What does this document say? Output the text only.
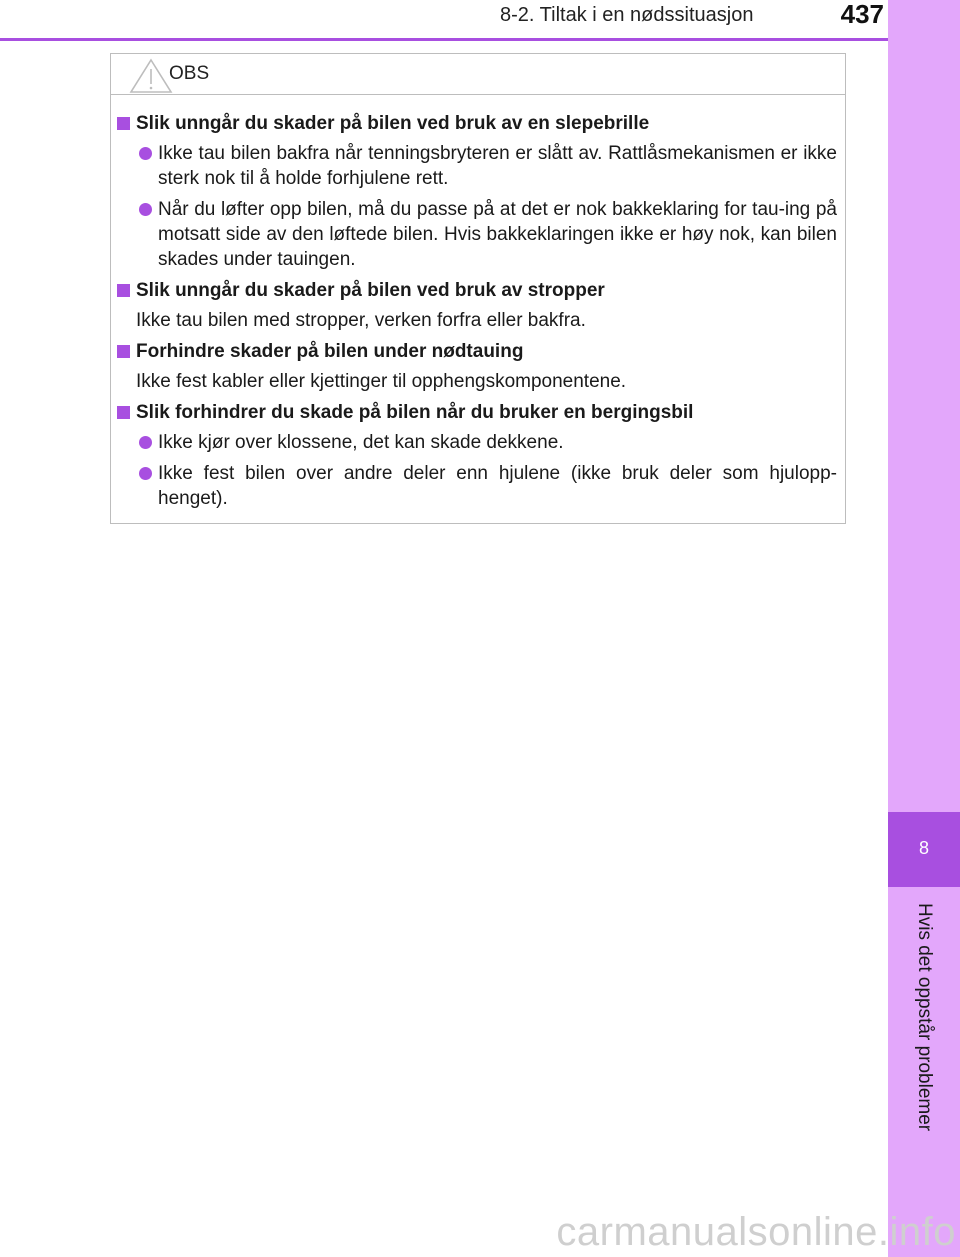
8-2. Tiltak i en nødssituasjon	437
8
Hvis det oppstår problemer
OBS
Slik unngår du skader på bilen ved bruk av en slepebrille
Ikke tau bilen bakfra når tenningsbryteren er slått av. Rattlåsmekanismen er ikke sterk nok til å holde forhjulene rett.
Når du løfter opp bilen, må du passe på at det er nok bakkeklaring for tau-ing på motsatt side av den løftede bilen. Hvis bakkeklaringen ikke er høy nok, kan bilen skades under tauingen.
Slik unngår du skader på bilen ved bruk av stropper
Ikke tau bilen med stropper, verken forfra eller bakfra.
Forhindre skader på bilen under nødtauing
Ikke fest kabler eller kjettinger til opphengskomponentene.
Slik forhindrer du skade på bilen når du bruker en bergingsbil
Ikke kjør over klossene, det kan skade dekkene.
Ikke fest bilen over andre deler enn hjulene (ikke bruk deler som hjulopp-henget).
carmanualsonline.info
